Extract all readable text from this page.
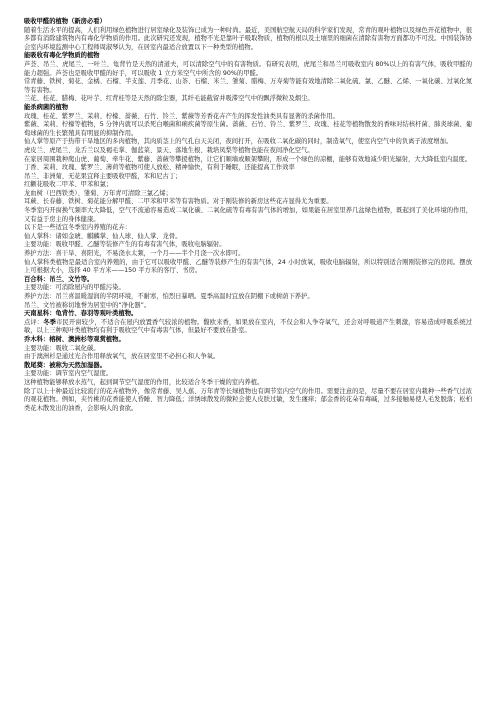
吸收甲醛的植物（新房必看）

随着生活水平的提高，人们利用绿色植物进行居室绿化及装饰已成为一种时尚。最近，美国航空航天局的科学家们发现，常青的观叶植物以及绿色开花植物中，很多都有消除建筑物内有毒化学物质的作用。此次研究还发现，植物不光是靠叶子吸取物质，植物的根以及土壤里的细菌在清除有害物方面都功不可没。中国装饰协会室内环境监测中心工程师周淑琴认为，在居室内最适合放置以下一种类型的植物。

能吸收有毒化学物质的植物

芦荟、吊兰、虎尾兰、一叶兰、龟背竹是天然的清道夫，可以清除空气中的有害物质。有研究表明，虎尾兰和吊兰可吸收室内 80%以上的有害气体，吸收甲醛的能力超强。芦荟也是吸收甲醛的好手，可以吸收 1 立方米空气中所含的 90%的甲醛。

常青藤、铁树、菊花、金橘、石榴、半支莲、月季花、山茶、石榴、米兰、雏菊、腊梅、万寿菊等能有效地清除二氧化硫、氯、乙醚、乙烯、一氧化碳、过氧化氮等有害物。

兰花、桂花、腊梅、花叶芋、红背桂等是天然的除尘器，其纤毛能截留并吸滞空气中的飘浮微粒及烟尘。

能杀病菌的植物

玫瑰、桂花、紫罗兰、茉莉、柠檬、蔷薇、石竹、铃兰、紫薇等芳香花卉产生的挥发性油类具有显著的杀菌作用。

紫薇、茉莉、柠檬等植物，5 分钟内就可以杀死白喉菌和痢疾菌等原生菌。蔷薇、石竹、铃兰、紫罗兰、玫瑰、桂花等植物散发的香味对结核杆菌、肺炎球菌、葡萄球菌的生长繁殖具有明显的抑制作用。

仙人掌等原产于热带干旱地区的多肉植物，其肉质茎上的气孔白天关闭，夜间打开，在吸收二氧化碳的同时，制造氧气，使室内空气中的负离子浓度增加。

虎皮兰、虎尾兰、龙舌兰以及褐毛掌、伽蓝菜、景天、落地生根、栽培凤梨等植物也能在夜间净化空气。

在家居周围栽种爬山虎、葡萄、牵牛花、紫藤、蔷薇等攀援植物，让它们顺墙或顺架攀附，形成一个绿色的凉棚，能够有效地减少阳光辐射，大大降低室内温度。

丁香、茉莉、玫瑰、紫罗兰、薄荷等植物可使人放松、精神愉快，有利于睡眠，还能提高工作效率

吊兰、非洲菊、无花果宜释主要吸收甲醛，苯和尼古丁；

红颧花吸收二甲苯、甲苯和氯；

龙血树（巴西铁类）、雏菊、万年青可清除三氯乙烯；

耳蕨、长春藤、铁树、菊花能分解甲醛、二甲苯和甲苯等有害物质。对于刚装修的新房这些花卉显得尤为重要。

冬季室内开窗换气频率大大降低，空气不流通容易造成二氧化碳、二氧化硫等有毒有害气体的增加，如果能在居室里养几盆绿色植物，既起到了美化环境的作用，又有益于房主的身体健康。

以下是一些适宜冬季室内养殖的花卉：

仙人掌科：诸如金琥、麒麟掌、仙人球、仙人掌、龙骨。

主要功能：吸收甲醛、乙醚等装修产生的有毒有害气体，吸收电脑辐射。

养护方法：喜干旱、喜阳光，不易浇水太频，一个月——半个月浇一次水即可。

仙人掌科类植物是最适合室内养殖的，由于它可以吸收甲醛、乙醚等装修产生的有害气体，24 小时放氧，吸收电脑辐射，所以特别适合刚刚装修完的房间。摆放上可根据大小，选择 40 平方米——150 平方米的客厅、书房。

百合科：吊兰、文竹等。

主要功能：可消除屋内的甲醛污染。

养护方法：吊兰喜温暖湿润的半阴环境，不耐寒，怕烈日暴晒。夏季高温时宜放在阴棚下或树荫下养护。

吊兰、文竹被称切地誉为居室中的“净化器”。

天南星科：龟背竹、春羽等观叶类植物。

点评：冬季市民开窗较少，不适合在屋内放置香气较浓的植物。馥欧来香，如果放在室内，不仅会和人争夺氧气，还会对呼吸道产生刺激，容易造成呼吸系统过敏，以上三种观叶类植物均有利于吸收空气中有毒害气体，但最好不要放在卧室。

乔木科：榕树、澳洲杉等观赏植物。

主要功能：吸收二氧化碳。

由于澳洲杉是通过光合作用释放氧气，放在居室里不必担心和人争氧。

散尾葵：被称为天然加湿器。

主要功能：调节室内空气湿度。

这种植物能够释放水蒸气，起到调节空气湿度的作用，比较适合冬季干燥的室内养植。

除了以上十种最近比较流行的花卉植物外，像常青藤、吴人蕉、万年青等长绿植物也有调节室内空气的作用。需要注意的是，尽量不要在居室内栽种一些香气过浓的观花植物。例如，夹竹桃的花香能使人昏睡、智力降低；洋绣球散发的微粒会使人皮肤过敏，发生瘙痒；郁金香的花朵有毒碱，过多接触易使人毛发脱落；松柏类花木散发出的油香，会影响人的食欲。
